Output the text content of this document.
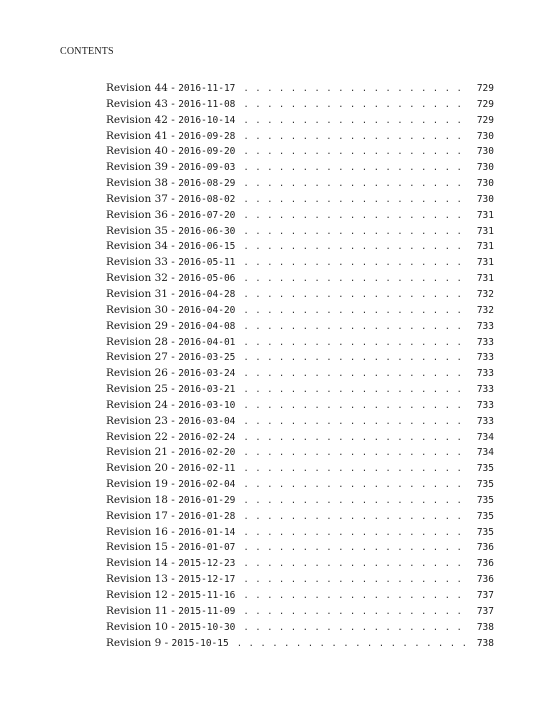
CONTENTS
Revision 44 - 2016-11-17 . . .	729
Revision 43 - 2016-11-08 . . .	729
Revision 42 - 2016-10-14 . . .	729
Revision 41 - 2016-09-28 . . .	730
Revision 40 - 2016-09-20 . . .	730
Revision 39 - 2016-09-03 . . .	730
Revision 38 - 2016-08-29 . . .	730
Revision 37 - 2016-08-02 . . .	730
Revision 36 - 2016-07-20 . . .	731
Revision 35 - 2016-06-30 . . .	731
Revision 34 - 2016-06-15 . . .	731
Revision 33 - 2016-05-11 . . .	731
Revision 32 - 2016-05-06 . . .	731
Revision 31 - 2016-04-28 . . .	732
Revision 30 - 2016-04-20 . . .	732
Revision 29 - 2016-04-08 . . .	733
Revision 28 - 2016-04-01 . . .	733
Revision 27 - 2016-03-25 . . .	733
Revision 26 - 2016-03-24 . . .	733
Revision 25 - 2016-03-21 . . .	733
Revision 24 - 2016-03-10 . . .	733
Revision 23 - 2016-03-04 . . .	733
Revision 22 - 2016-02-24 . . .	734
Revision 21 - 2016-02-20 . . .	734
Revision 20 - 2016-02-11 . . .	735
Revision 19 - 2016-02-04 . . .	735
Revision 18 - 2016-01-29 . . .	735
Revision 17 - 2016-01-28 . . .	735
Revision 16 - 2016-01-14 . . .	735
Revision 15 - 2016-01-07 . . .	736
Revision 14 - 2015-12-23 . . .	736
Revision 13 - 2015-12-17 . . .	736
Revision 12 - 2015-11-16 . . .	737
Revision 11 - 2015-11-09 . . .	737
Revision 10 - 2015-10-30 . . .	738
Revision 9 - 2015-10-15 . . .	738
